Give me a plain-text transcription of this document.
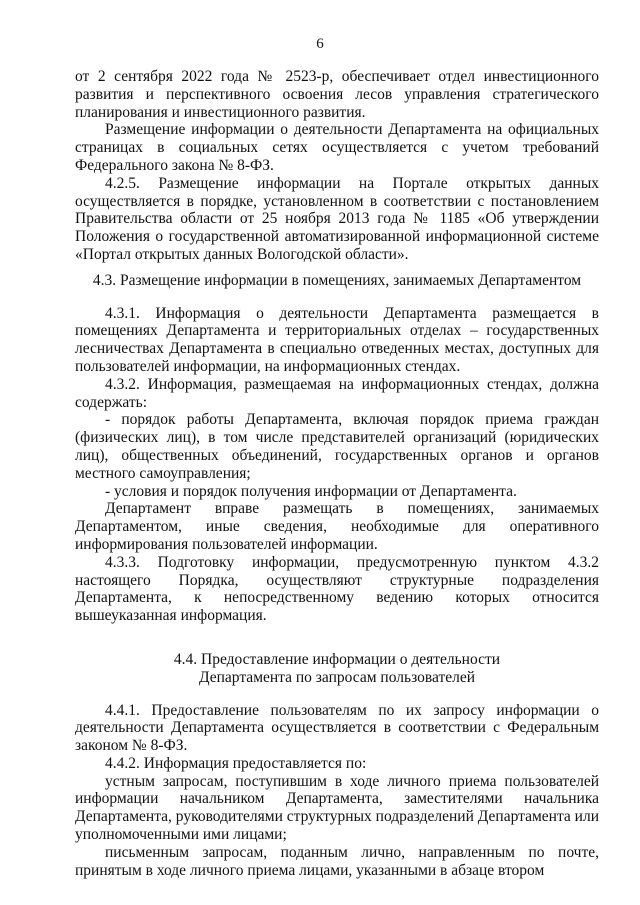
6

от 2 сентября 2022 года № 2523-р, обеспечивает отдел инвестиционного развития и перспективного освоения лесов управления стратегического планирования и инвестиционного развития.

Размещение информации о деятельности Департамента на официальных страницах в социальных сетях осуществляется с учетом требований Федерального закона № 8-ФЗ.

4.2.5. Размещение информации на Портале открытых данных осуществляется в порядке, установленном в соответствии с постановлением Правительства области от 25 ноября 2013 года № 1185 «Об утверждении Положения о государственной автоматизированной информационной системе «Портал открытых данных Вологодской области».

4.3. Размещение информации в помещениях, занимаемых Департаментом

4.3.1. Информация о деятельности Департамента размещается в помещениях Департамента и территориальных отделах – государственных лесничествах Департамента в специально отведенных местах, доступных для пользователей информации, на информационных стендах.

4.3.2. Информация, размещаемая на информационных стендах, должна содержать:

- порядок работы Департамента, включая порядок приема граждан (физических лиц), в том числе представителей организаций (юридических лиц), общественных объединений, государственных органов и органов местного самоуправления;

- условия и порядок получения информации от Департамента.

Департамент вправе размещать в помещениях, занимаемых Департаментом, иные сведения, необходимые для оперативного информирования пользователей информации.

4.3.3. Подготовку информации, предусмотренную пунктом 4.3.2 настоящего Порядка, осуществляют структурные подразделения Департамента, к непосредственному ведению которых относится вышеуказанная информация.

4.4. Предоставление информации о деятельности

Департамента по запросам пользователей

4.4.1. Предоставление пользователям по их запросу информации о деятельности Департамента осуществляется в соответствии с Федеральным законом № 8-ФЗ.

4.4.2. Информация предоставляется по:

устным запросам, поступившим в ходе личного приема пользователей информации начальником Департамента, заместителями начальника Департамента, руководителями структурных подразделений Департамента или уполномоченными ими лицами;

письменным запросам, поданным лично, направленным по почте, принятым в ходе личного приема лицами, указанными в абзаце втором
